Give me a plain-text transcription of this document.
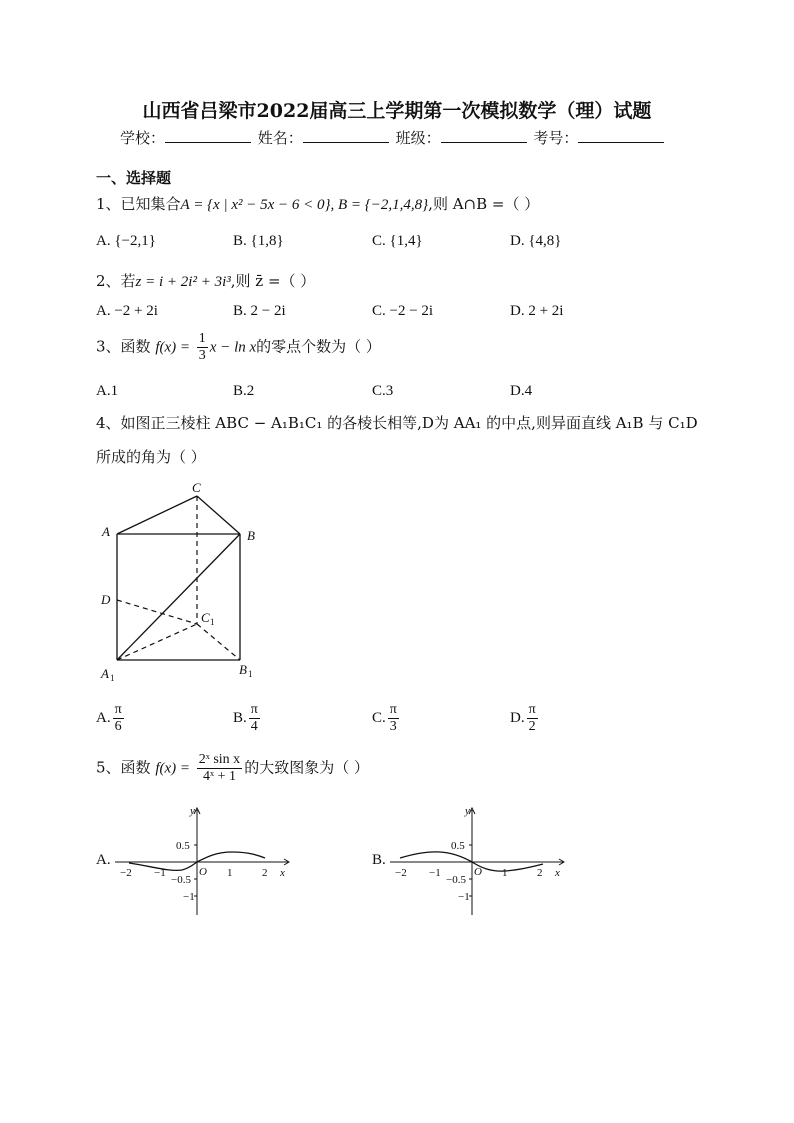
山西省吕梁市2022届高三上学期第一次模拟数学（理）试题
学校：	姓名：	班级：	考号：
一、选择题
1、已知集合A = {x | x² − 5x − 6 < 0}, B = {−2,1,4,8},则 A∩B =（ ）
A. {−2,1}	B. {1,8}	C. {1,4}	D. {4,8}
2、若z = i + 2i² + 3i³,则 z̄ =（ ）
A. −2 + 2i	B. 2 − 2i	C. −2 − 2i	D. 2 + 2i
3、函数 $f(x) = \frac{1}{3}$ x − ln x的零点个数为（ ）
A.1	B.2	C.3	D.4
4、如图正三棱柱 ABC − A₁B₁C₁ 的各棱长相等,D为 AA₁ 的中点,则异面直线 A₁B 与 C₁D
所成的角为（ ）
C
A	B
D
C 1
A 1
B 1
A. $\frac{\pi}{6}$	B. $\frac{\pi}{4}$	C. $\frac{\pi}{3}$	D. $\frac{\pi}{2}$
5、函数 $f(x) = \frac{\text{2ˣ sin x}}{\text{4ˣ + 1}}$ 的大致图象为（ ）
A.
y
x
O
−2 −1	1	2
0.5
−0.5
−1
B.
y
x
O
−2 −1	1	2
0.5
−0.5
−1
